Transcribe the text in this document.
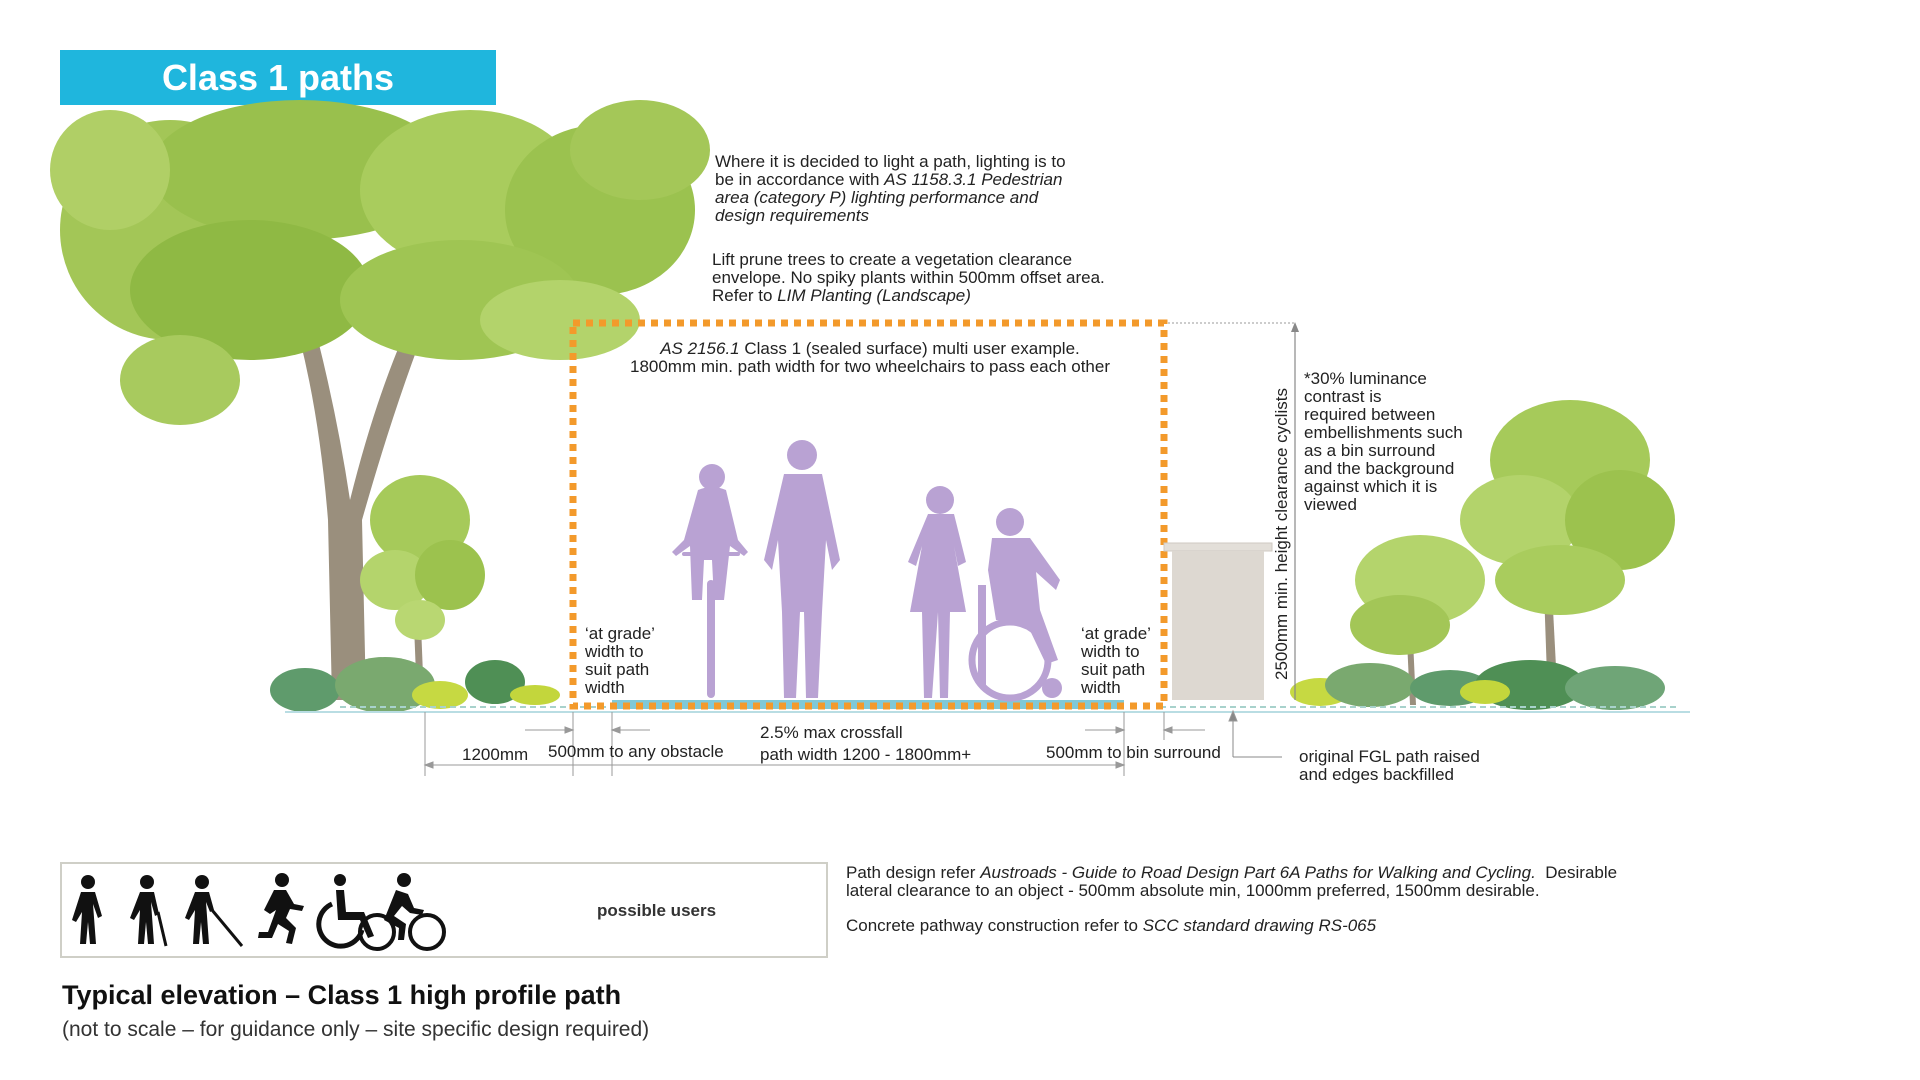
Class 1 paths
Where it is decided to light a path, lighting is to
be in accordance with AS 1158.3.1 Pedestrian
area (category P) lighting performance and
design requirements
Lift prune trees to create a vegetation clearance
envelope. No spiky plants within 500mm offset area.
Refer to LIM Planting (Landscape)
AS 2156.1 Class 1 (sealed surface) multi user example.
1800mm min. path width for two wheelchairs to pass each other
‘at grade’
width to
suit path
width
‘at grade’
width to
suit path
width
2500mm min. height clearance cyclists
*30% luminance
contrast is
required between
embellishments such
as a bin surround
and the background
against which it is
viewed
1200mm 500mm to any obstacle
2.5% max crossfall
path width 1200 - 1800mm+	500mm to bin surround	original FGL path raised
and edges backfilled
possible users
Path design refer Austroads - Guide to Road Design Part 6A Paths for Walking and Cycling.  Desirable
lateral clearance to an object - 500mm absolute min, 1000mm preferred, 1500mm desirable.
Concrete pathway construction refer to SCC standard drawing RS-065
Typical elevation – Class 1 high profile path
(not to scale – for guidance only – site specific design required)
